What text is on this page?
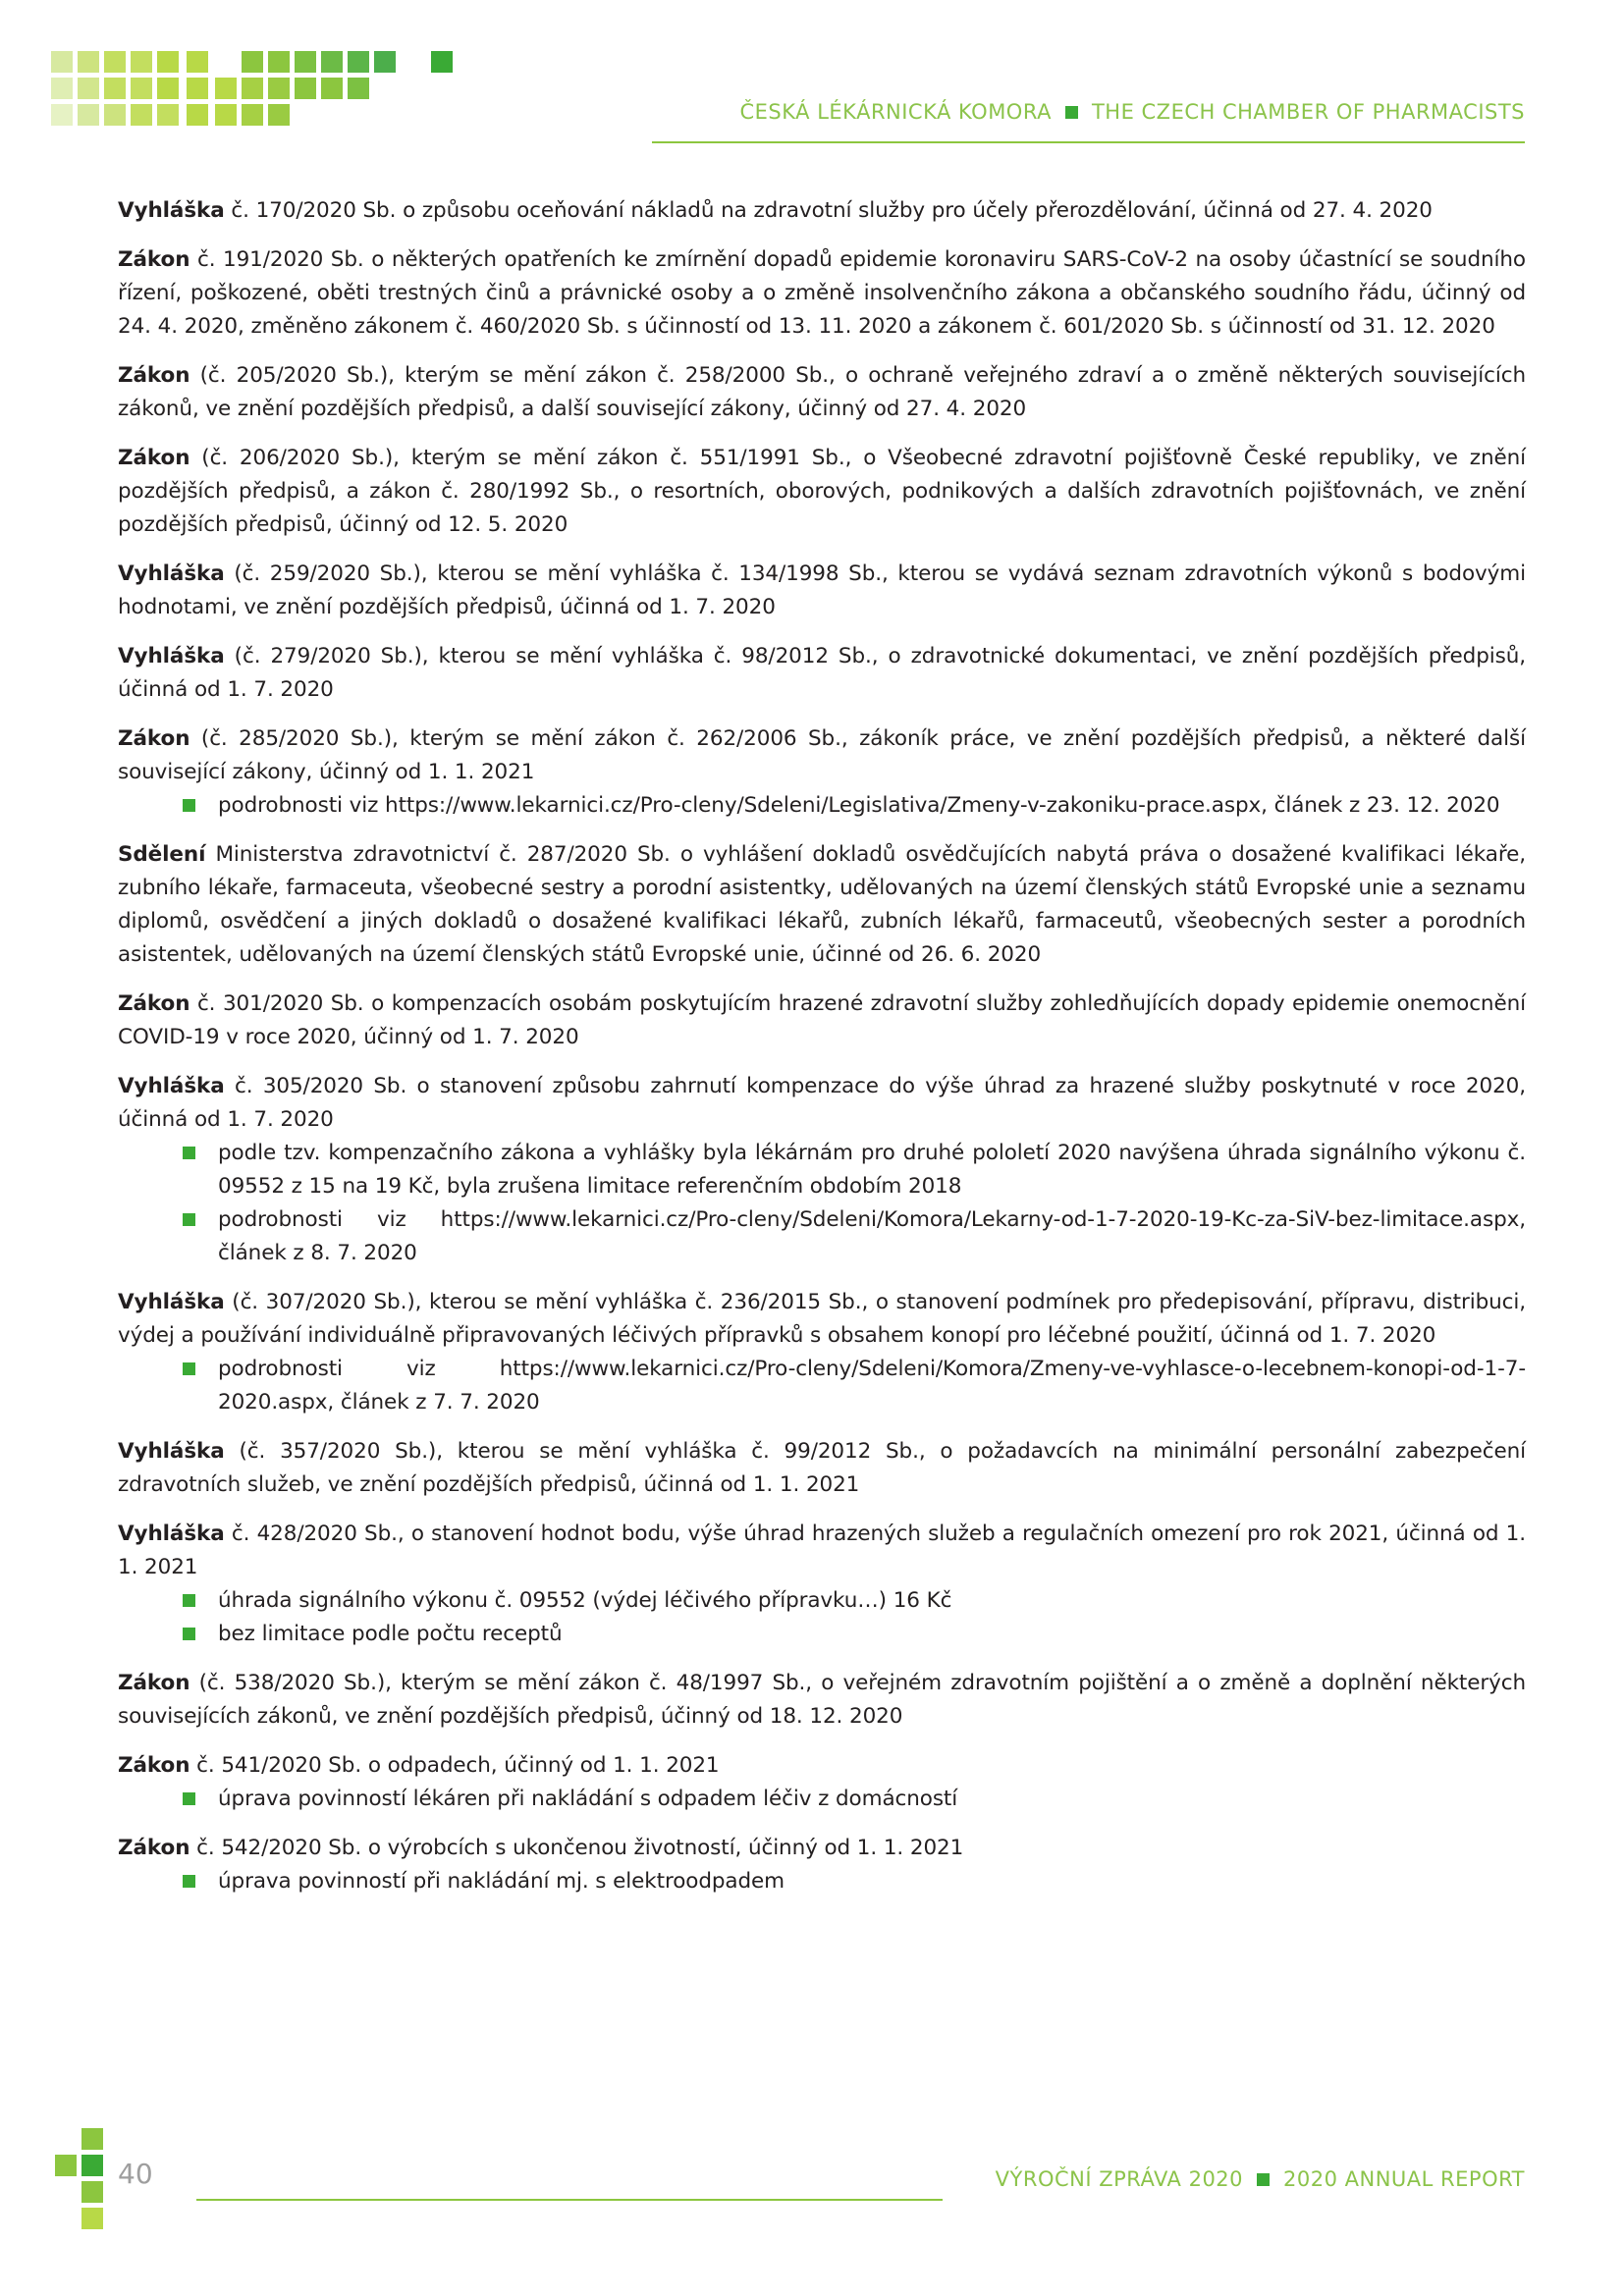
ČESKÁ LÉKÁRNICKÁ KOMORA THE CZECH CHAMBER OF PHARMACISTS
Vyhláška č. 170/2020 Sb. o způsobu oceňování nákladů na zdravotní služby pro účely přerozdělování, účinná od 27. 4. 2020
Zákon č. 191/2020 Sb. o některých opatřeních ke zmírnění dopadů epidemie koronaviru SARS-CoV-2 na osoby účastnící se soudního řízení, poškozené, oběti trestných činů a právnické osoby a o změně insolvenčního zákona a občanského soudního řádu, účinný od 24. 4. 2020, změněno zákonem č. 460/2020 Sb. s účinností od 13. 11. 2020 a zákonem č. 601/2020 Sb. s účinností od 31. 12. 2020
Zákon (č. 205/2020 Sb.), kterým se mění zákon č. 258/2000 Sb., o ochraně veřejného zdraví a o změně některých souvisejících zákonů, ve znění pozdějších předpisů, a další související zákony, účinný od 27. 4. 2020
Zákon (č. 206/2020 Sb.), kterým se mění zákon č. 551/1991 Sb., o Všeobecné zdravotní pojišťovně České republiky, ve znění pozdějších předpisů, a zákon č. 280/1992 Sb., o resortních, oborových, podnikových a dalších zdravotních pojišťovnách, ve znění pozdějších předpisů, účinný od 12. 5. 2020
Vyhláška (č. 259/2020 Sb.), kterou se mění vyhláška č. 134/1998 Sb., kterou se vydává seznam zdravotních výkonů s bodovými hodnotami, ve znění pozdějších předpisů, účinná od 1. 7. 2020
Vyhláška (č. 279/2020 Sb.), kterou se mění vyhláška č. 98/2012 Sb., o zdravotnické dokumentaci, ve znění pozdějších předpisů, účinná od 1. 7. 2020
Zákon (č. 285/2020 Sb.), kterým se mění zákon č. 262/2006 Sb., zákoník práce, ve znění pozdějších předpisů, a některé další související zákony, účinný od 1. 1. 2021
podrobnosti viz https://www.lekarnici.cz/Pro-cleny/Sdeleni/Legislativa/Zmeny-v-zakoniku-prace.aspx, článek z 23. 12. 2020
Sdělení Ministerstva zdravotnictví č. 287/2020 Sb. o vyhlášení dokladů osvědčujících nabytá práva o dosažené kvalifikaci lékaře, zubního lékaře, farmaceuta, všeobecné sestry a porodní asistentky, udělovaných na území členských států Evropské unie a seznamu diplomů, osvědčení a jiných dokladů o dosažené kvalifikaci lékařů, zubních lékařů, farmaceutů, všeobecných sester a porodních asistentek, udělovaných na území členských států Evropské unie, účinné od 26. 6. 2020
Zákon č. 301/2020 Sb. o kompenzacích osobám poskytujícím hrazené zdravotní služby zohledňujících dopady epidemie onemocnění COVID-19 v roce 2020, účinný od 1. 7. 2020
Vyhláška č. 305/2020 Sb. o stanovení způsobu zahrnutí kompenzace do výše úhrad za hrazené služby poskytnuté v roce 2020, účinná od 1. 7. 2020
podle tzv. kompenzačního zákona a vyhlášky byla lékárnám pro druhé pololetí 2020 navýšena úhrada signálního výkonu č. 09552 z 15 na 19 Kč, byla zrušena limitace referenčním obdobím 2018
podrobnosti viz https://www.lekarnici.cz/Pro-cleny/Sdeleni/Komora/Lekarny-od-1-7-2020-19-Kc-za-SiV-bez-limitace.aspx, článek z 8. 7. 2020
Vyhláška (č. 307/2020 Sb.), kterou se mění vyhláška č. 236/2015 Sb., o stanovení podmínek pro předepisování, přípravu, distribuci, výdej a používání individuálně připravovaných léčivých přípravků s obsahem konopí pro léčebné použití, účinná od 1. 7. 2020
podrobnosti viz https://www.lekarnici.cz/Pro-cleny/Sdeleni/Komora/Zmeny-ve-vyhlasce-o-lecebnem-konopi-od-1-7-2020.aspx, článek z 7. 7. 2020
Vyhláška (č. 357/2020 Sb.), kterou se mění vyhláška č. 99/2012 Sb., o požadavcích na minimální personální zabezpečení zdravotních služeb, ve znění pozdějších předpisů, účinná od 1. 1. 2021
Vyhláška č. 428/2020 Sb., o stanovení hodnot bodu, výše úhrad hrazených služeb a regulačních omezení pro rok 2021, účinná od 1. 1. 2021
úhrada signálního výkonu č. 09552 (výdej léčivého přípravku…) 16 Kč
bez limitace podle počtu receptů
Zákon (č. 538/2020 Sb.), kterým se mění zákon č. 48/1997 Sb., o veřejném zdravotním pojištění a o změně a doplnění některých souvisejících zákonů, ve znění pozdějších předpisů, účinný od 18. 12. 2020
Zákon č. 541/2020 Sb. o odpadech, účinný od 1. 1. 2021
úprava povinností lékáren při nakládání s odpadem léčiv z domácností
Zákon č. 542/2020 Sb. o výrobcích s ukončenou životností, účinný od 1. 1. 2021
úprava povinností při nakládání mj. s elektroodpadem
40	VÝROČNÍ ZPRÁVA 2020 2020 ANNUAL REPORT
